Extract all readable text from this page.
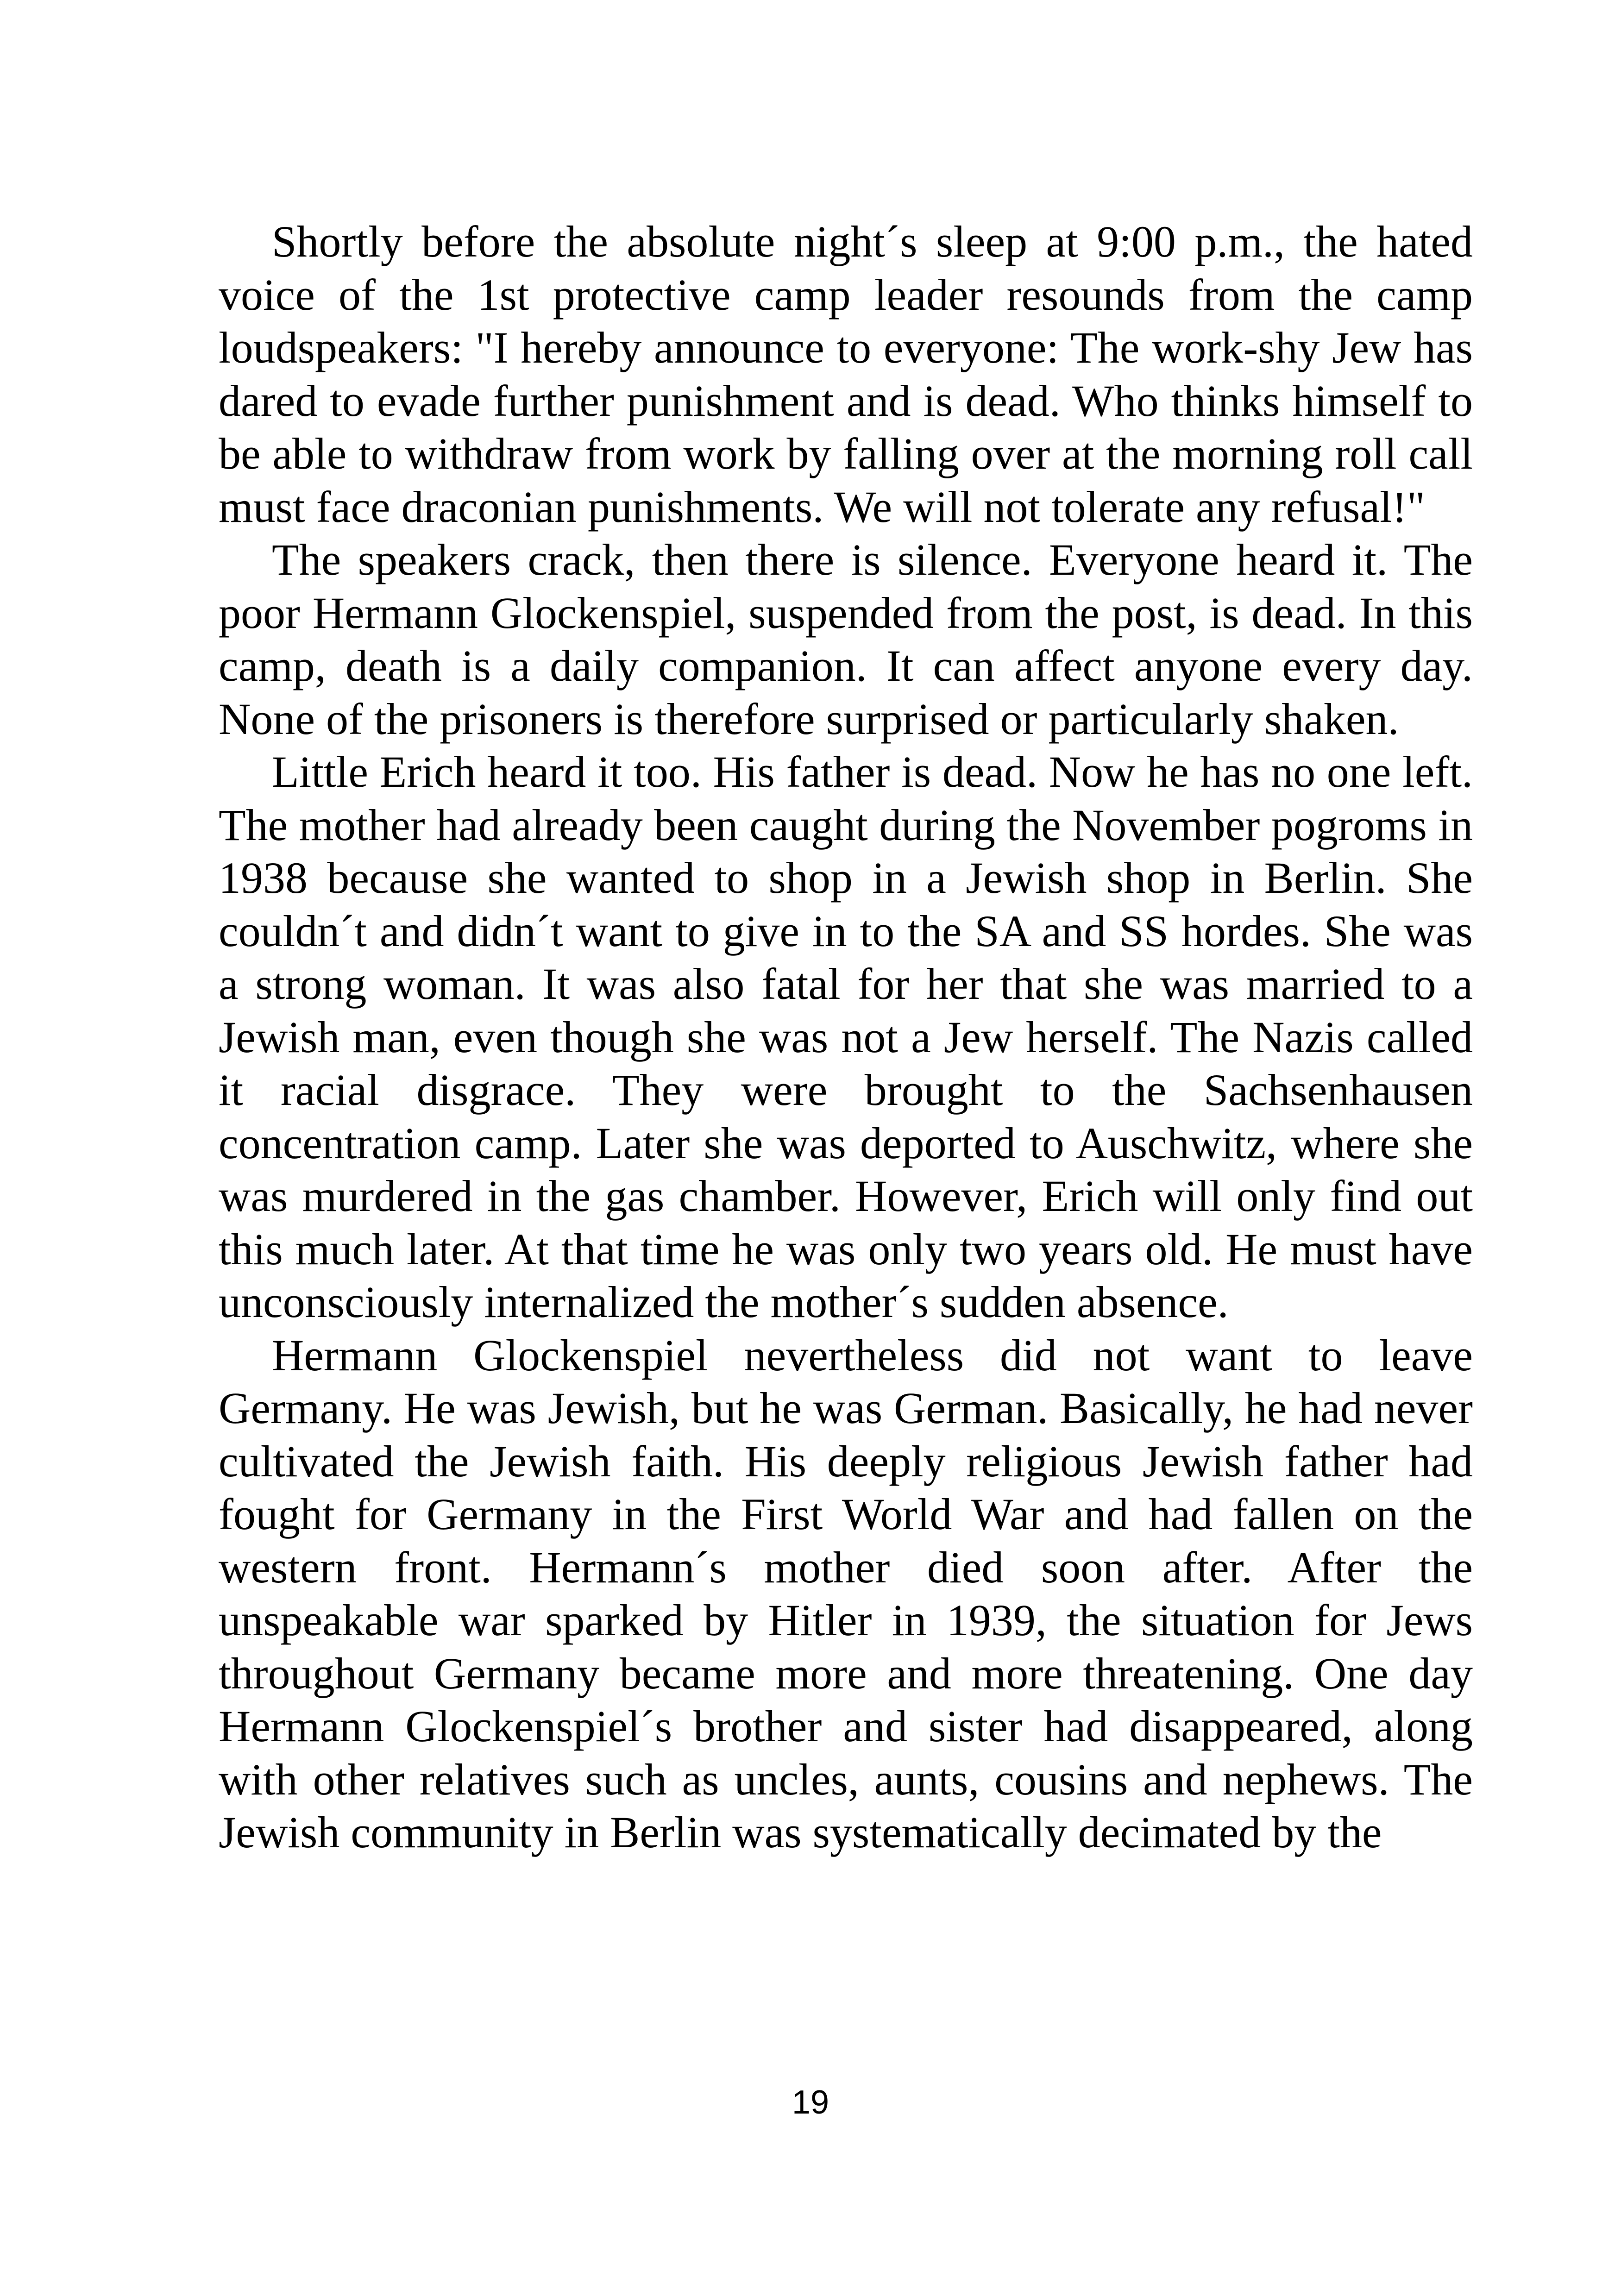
Shortly before the absolute night´s sleep at 9:00 p.m., the hated voice of the 1st protective camp leader resounds from the camp loudspeakers: "I hereby announce to everyone: The work-shy Jew has dared to evade further punishment and is dead. Who thinks himself to be able to withdraw from work by falling over at the morning roll call must face draconian punishments. We will not tolerate any refusal!"

The speakers crack, then there is silence. Everyone heard it. The poor Hermann Glockenspiel, suspended from the post, is dead. In this camp, death is a daily companion. It can affect anyone every day. None of the prisoners is therefore surprised or particularly shaken.

Little Erich heard it too. His father is dead. Now he has no one left. The mother had already been caught during the November pogroms in 1938 because she wanted to shop in a Jewish shop in Berlin. She couldn´t and didn´t want to give in to the SA and SS hordes. She was a strong woman. It was also fatal for her that she was married to a Jewish man, even though she was not a Jew herself. The Nazis called it racial disgrace. They were brought to the Sachsenhausen concentration camp. Later she was deported to Auschwitz, where she was murdered in the gas chamber. However, Erich will only find out this much later. At that time he was only two years old. He must have unconsciously internalized the mother´s sudden absence.

Hermann Glockenspiel nevertheless did not want to leave Germany. He was Jewish, but he was German. Basically, he had never cultivated the Jewish faith. His deeply religious Jewish father had fought for Germany in the First World War and had fallen on the western front. Hermann´s mother died soon after. After the unspeakable war sparked by Hitler in 1939, the situation for Jews throughout Germany became more and more threatening. One day Hermann Glockenspiel´s brother and sister had disappeared, along with other relatives such as uncles, aunts, cousins and nephews. The Jewish community in Berlin was systematically decimated by the

19
